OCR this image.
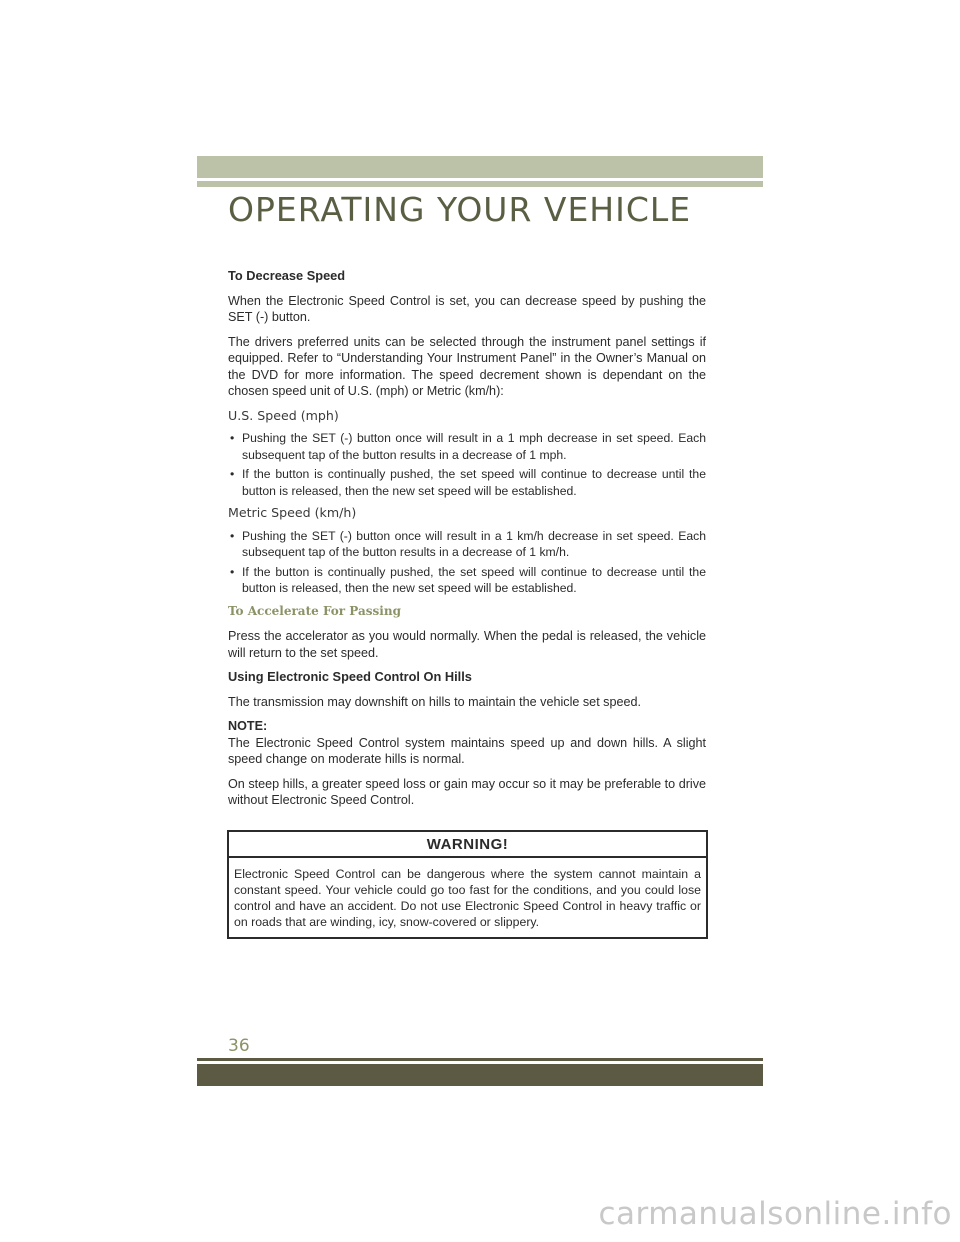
OPERATING YOUR VEHICLE
To Decrease Speed

When the Electronic Speed Control is set, you can decrease speed by pushing the SET (-) button.

The drivers preferred units can be selected through the instrument panel settings if equipped. Refer to “Understanding Your Instrument Panel” in the Owner’s Manual on the DVD for more information. The speed decrement shown is dependant on the chosen speed unit of U.S. (mph) or Metric (km/h):

U.S. Speed (mph)
• Pushing the SET (-) button once will result in a 1 mph decrease in set speed. Each subsequent tap of the button results in a decrease of 1 mph.
• If the button is continually pushed, the set speed will continue to decrease until the button is released, then the new set speed will be established.
Metric Speed (km/h)
• Pushing the SET (-) button once will result in a 1 km/h decrease in set speed. Each subsequent tap of the button results in a decrease of 1 km/h.
• If the button is continually pushed, the set speed will continue to decrease until the button is released, then the new set speed will be established.
To Accelerate For Passing

Press the accelerator as you would normally. When the pedal is released, the vehicle will return to the set speed.

Using Electronic Speed Control On Hills

The transmission may downshift on hills to maintain the vehicle set speed.

NOTE:

The Electronic Speed Control system maintains speed up and down hills. A slight speed change on moderate hills is normal.

On steep hills, a greater speed loss or gain may occur so it may be preferable to drive without Electronic Speed Control.

WARNING!
Electronic Speed Control can be dangerous where the system cannot maintain a constant speed. Your vehicle could go too fast for the conditions, and you could lose control and have an accident. Do not use Electronic Speed Control in heavy traffic or on roads that are winding, icy, snow-covered or slippery.
36
carmanualsonline.info
